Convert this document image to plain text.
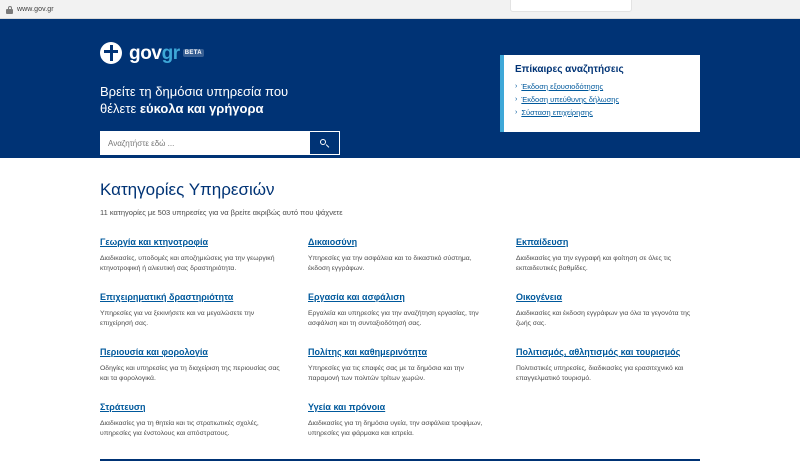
www.gov.gr
gov gr BETA
Βρείτε τη δημόσια υπηρεσία που
θέλετε εύκολα και γρήγορα
Αναζητήστε εδώ ...
Επίκαιρες αναζητήσεις
› Έκδοση εξουσιοδότησης
› Έκδοση υπεύθυνης δήλωσης
› Σύσταση επιχείρησης
Κατηγορίες Υπηρεσιών

11 κατηγορίες με 503 υπηρεσίες για να βρείτε ακριβώς αυτό που ψάχνετε

Γεωργία και κτηνοτροφία

Διαδικασίες, υποδομές και αποζημιώσεις για την γεωργική κτηνοτροφική ή αλιευτική σας δραστηριότητα.

Δικαιοσύνη

Υπηρεσίες για την ασφάλεια και το δικαστικό σύστημα, έκδοση εγγράφων.

Εκπαίδευση

Διαδικασίες για την εγγραφή και φοίτηση σε όλες τις εκπαιδευτικές βαθμίδες.

Επιχειρηματική δραστηριότητα

Υπηρεσίες για να ξεκινήσετε και να μεγαλώσετε την επιχείρησή σας.

Εργασία και ασφάλιση

Εργαλεία και υπηρεσίες για την αναζήτηση εργασίας, την ασφάλιση και τη συνταξιοδότησή σας.

Οικογένεια

Διαδικασίες και έκδοση εγγράφων για όλα τα γεγονότα της ζωής σας.

Περιουσία και φορολογία

Οδηγίες και υπηρεσίες για τη διαχείριση της περιουσίας σας και τα φορολογικά.

Πολίτης και καθημερινότητα

Υπηρεσίες για τις επαφές σας με τα δημόσια και την παραμονή των πολιτών τρίτων χωρών.

Πολιτισμός, αθλητισμός και τουρισμός

Πολιτιστικές υπηρεσίες, διαδικασίες για ερασιτεχνικό και επαγγελματικό τουρισμό.

Στράτευση

Διαδικασίες για τη θητεία και τις στρατιωτικές σχολές, υπηρεσίες για ένστολους και απόστρατους.

Υγεία και πρόνοια

Διαδικασίες για τη δημόσια υγεία, την ασφάλεια τροφίμων, υπηρεσίες για φάρμακα και ιατρεία.
